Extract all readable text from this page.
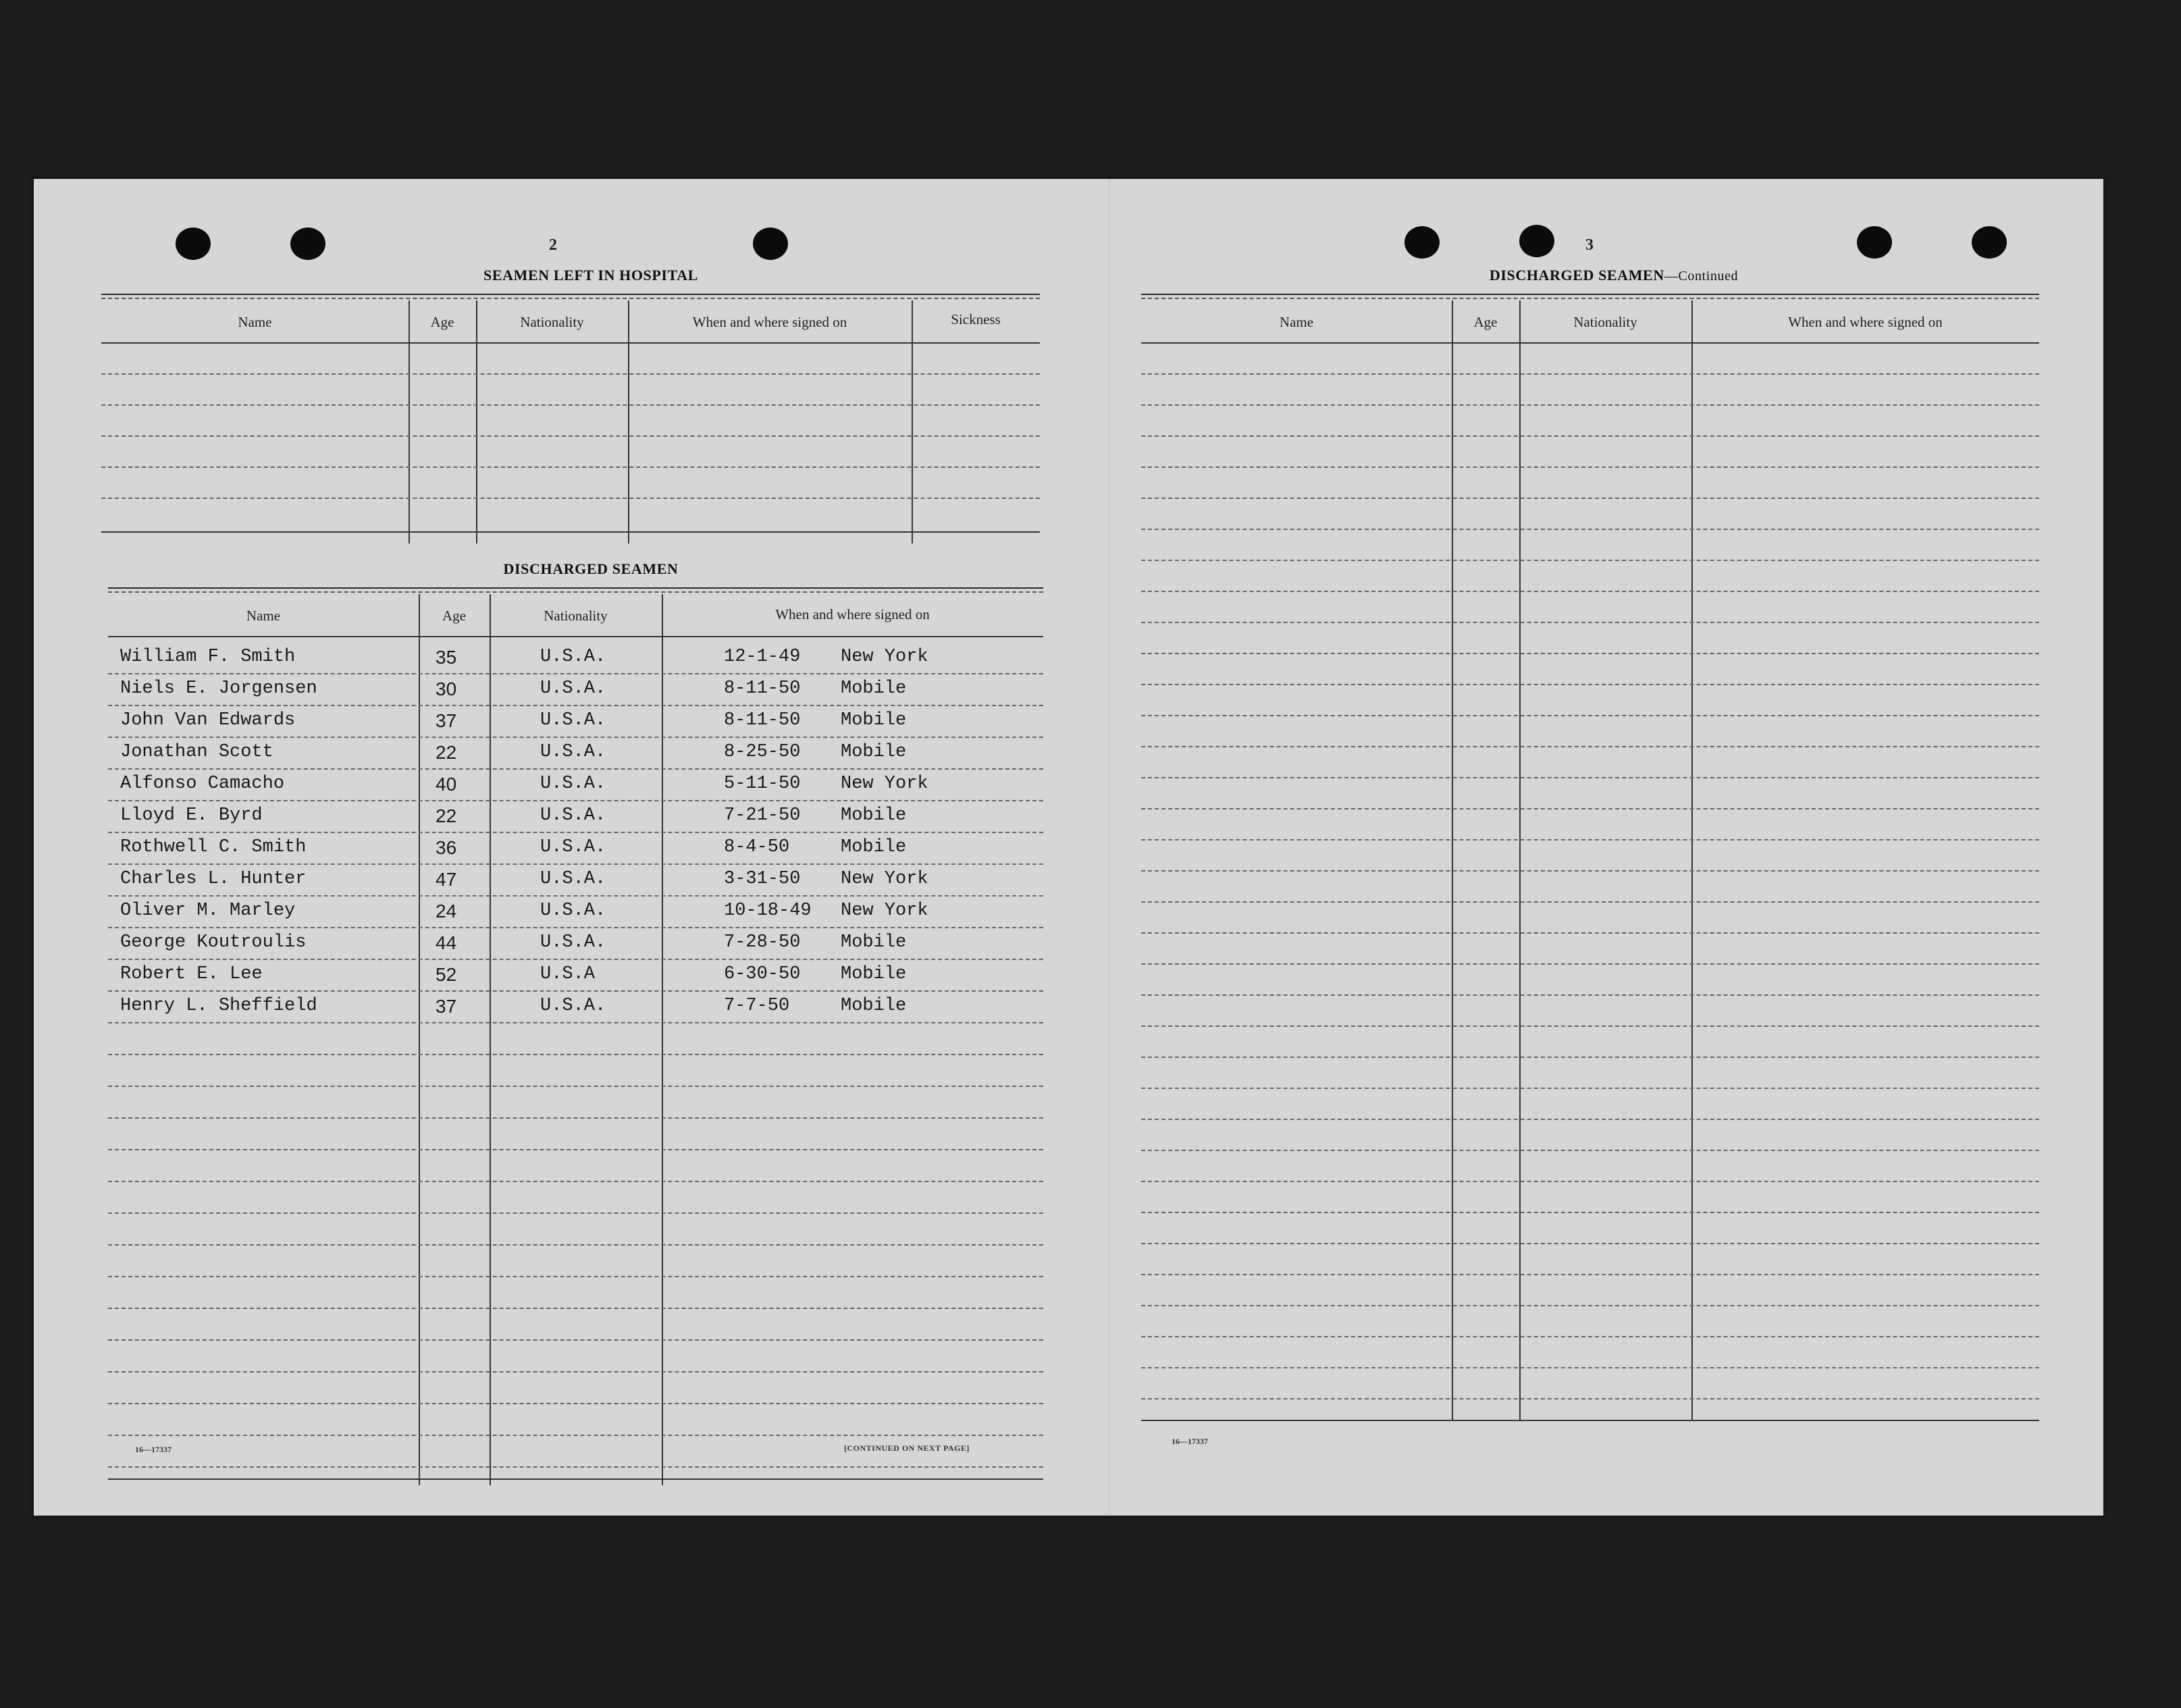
2
SEAMEN LEFT IN HOSPITAL
Name	Age	Nationality	When and where signed on	Sickness
DISCHARGED SEAMEN
Name	Age	Nationality	When and where signed on
William F. Smith	35	U.S.A.	12-1-49 New York
Niels E. Jorgensen	30	U.S.A.	8-11-50 Mobile
John Van Edwards	37	U.S.A.	8-11-50 Mobile
Jonathan Scott	22	U.S.A.	8-25-50 Mobile
Alfonso Camacho	40	U.S.A.	5-11-50 New York
Lloyd E. Byrd	22	U.S.A.	7-21-50 Mobile
Rothwell C. Smith	36	U.S.A.	8-4-50	Mobile
Charles L. Hunter	47	U.S.A.	3-31-50 New York
Oliver M. Marley	24	U.S.A.	10-18-49 New York
George Koutroulis	44	U.S.A.	7-28-50 Mobile
Robert E. Lee	52	U.S.A	6-30-50 Mobile
Henry L. Sheffield	37	U.S.A.	7-7-50	Mobile
16—17337	[CONTINUED ON NEXT PAGE]
3
DISCHARGED SEAMEN—Continued
Name	Age	Nationality	When and where signed on
16—17337
